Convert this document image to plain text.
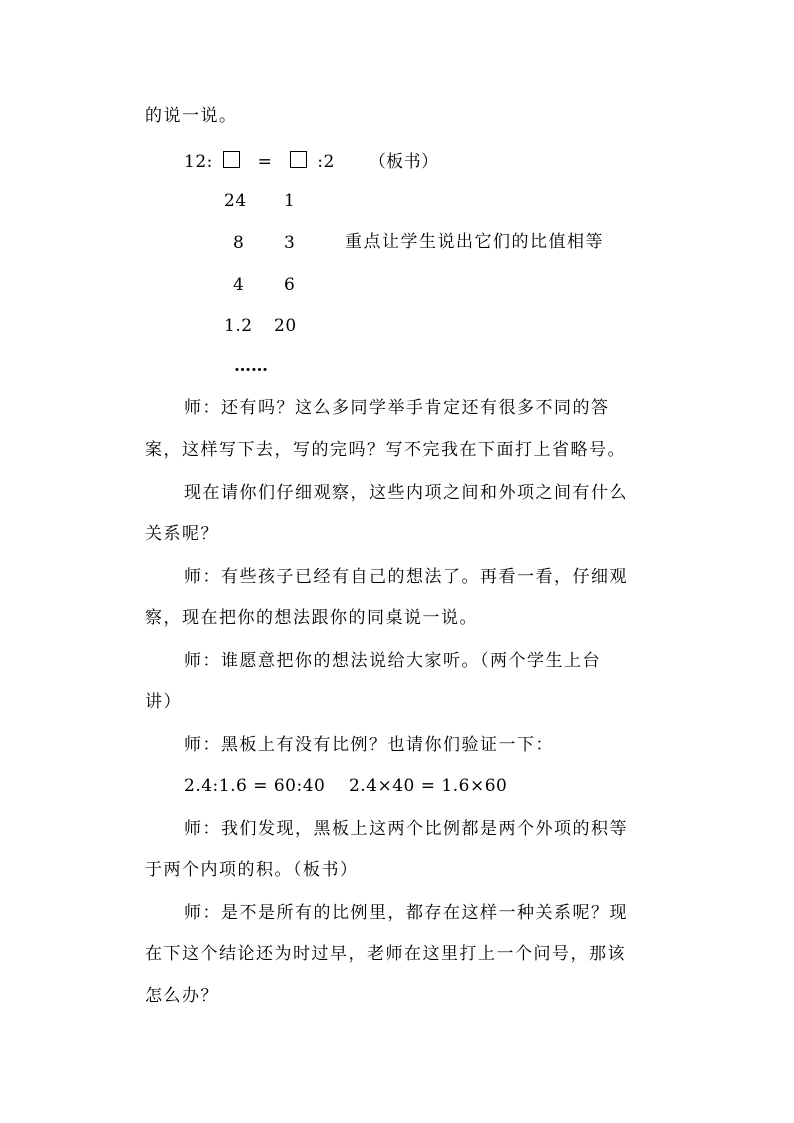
的说一说。
12:	=	:2 （板书）
24 1
8 3	重点让学生说出它们的比值相等
4 6
1.2 20
……
师：还有吗？这么多同学举手肯定还有很多不同的答
案，这样写下去，写的完吗？写不完我在下面打上省略号。
现在请你们仔细观察，这些内项之间和外项之间有什么
关系呢？
师：有些孩子已经有自己的想法了。再看一看，仔细观
察，现在把你的想法跟你的同桌说一说。
师：谁愿意把你的想法说给大家听。（两个学生上台
讲）
师：黑板上有没有比例？也请你们验证一下：
2.4:1.6 = 60:40    2.4×40 = 1.6×60
师：我们发现，黑板上这两个比例都是两个外项的积等
于两个内项的积。（板书）
师：是不是所有的比例里，都存在这样一种关系呢？现
在下这个结论还为时过早，老师在这里打上一个问号，那该
怎么办？
